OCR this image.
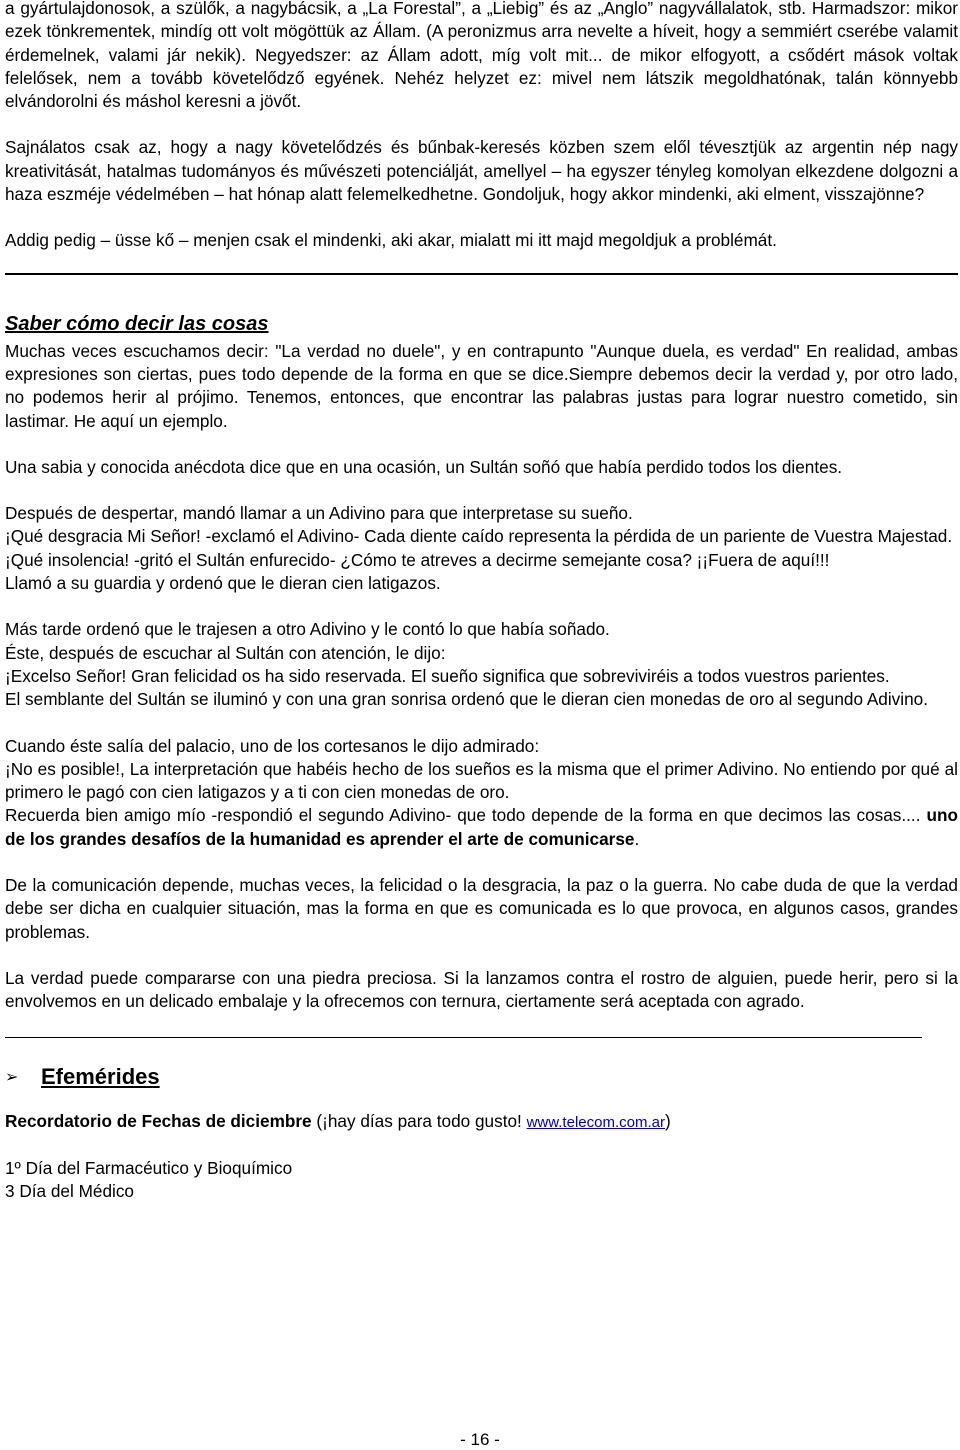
a gyártulajdonosok, a szülők, a nagybácsik, a „La Forestal”, a „Liebig” és az „Anglo” nagyvállalatok, stb. Harmadszor: mikor ezek tönkrementek, mindíg ott volt mögöttük az Állam. (A peronizmus arra nevelte a híveit, hogy a semmiért cserébe valamit érdemelnek, valami jár nekik). Negyedszer: az Állam adott, míg volt mit... de mikor elfogyott, a csődért mások voltak felelősek, nem a tovább követelődző egyének. Nehéz helyzet ez: mivel nem látszik megoldhatónak, talán könnyebb elvándorolni és máshol keresni a jövőt.

Sajnálatos csak az, hogy a nagy követelődzés és bűnbak-keresés közben szem elől tévesztjük az argentin nép nagy kreativitását, hatalmas tudományos és művészeti potenciálját, amellyel – ha egyszer tényleg komolyan elkezdene dolgozni a haza eszméje védelmében – hat hónap alatt felemelkedhetne. Gondoljuk, hogy akkor mindenki, aki elment, visszajönne?

Addig pedig – üsse kő – menjen csak el mindenki, aki akar, mialatt mi itt majd megoldjuk a problémát.

Saber cómo decir las cosas

Muchas veces escuchamos decir: "La verdad no duele", y en contrapunto "Aunque duela, es verdad" En realidad, ambas expresiones son ciertas, pues todo depende de la forma en que se dice.Siempre debemos decir la verdad y, por otro lado, no podemos herir al prójimo. Tenemos, entonces, que encontrar las palabras justas para lograr nuestro cometido, sin lastimar. He aquí un ejemplo.

Una sabia y conocida anécdota dice que en una ocasión, un Sultán soñó que había perdido todos los dientes.

Después de despertar, mandó llamar a un Adivino para que interpretase su sueño.

¡Qué desgracia Mi Señor! -exclamó el Adivino- Cada diente caído representa la pérdida de un pariente de Vuestra Majestad.

¡Qué insolencia! -gritó el Sultán enfurecido- ¿Cómo te atreves a decirme semejante cosa? ¡¡Fuera de aquí!!!

Llamó a su guardia y ordenó que le dieran cien latigazos.

Más tarde ordenó que le trajesen a otro Adivino y le contó lo que había soñado.

Éste, después de escuchar al Sultán con atención, le dijo:

¡Excelso Señor! Gran felicidad os ha sido reservada. El sueño significa que sobreviviréis a todos vuestros parientes.

El semblante del Sultán se iluminó y con una gran sonrisa ordenó que le dieran cien monedas de oro al segundo Adivino.

Cuando éste salía del palacio, uno de los cortesanos le dijo admirado:

¡No es posible!, La interpretación que habéis hecho de los sueños es la misma que el primer Adivino. No entiendo por qué al primero le pagó con cien latigazos y a ti con cien monedas de oro.

Recuerda bien amigo mío -respondió el segundo Adivino- que todo depende de la forma en que decimos las cosas.... uno de los grandes desafíos de la humanidad es aprender el arte de comunicarse.

De la comunicación depende, muchas veces, la felicidad o la desgracia, la paz o la guerra. No cabe duda de que la verdad debe ser dicha en cualquier situación, mas la forma en que es comunicada es lo que provoca, en algunos casos, grandes problemas.

La verdad puede compararse con una piedra preciosa. Si la lanzamos contra el rostro de alguien, puede herir, pero si la envolvemos en un delicado embalaje y la ofrecemos con ternura, ciertamente será aceptada con agrado.

➢	Efemérides

Recordatorio de Fechas de diciembre (¡hay días para todo gusto! www.telecom.com.ar)

1º Día del Farmacéutico y Bioquímico

3 Día del Médico

- 16 -
